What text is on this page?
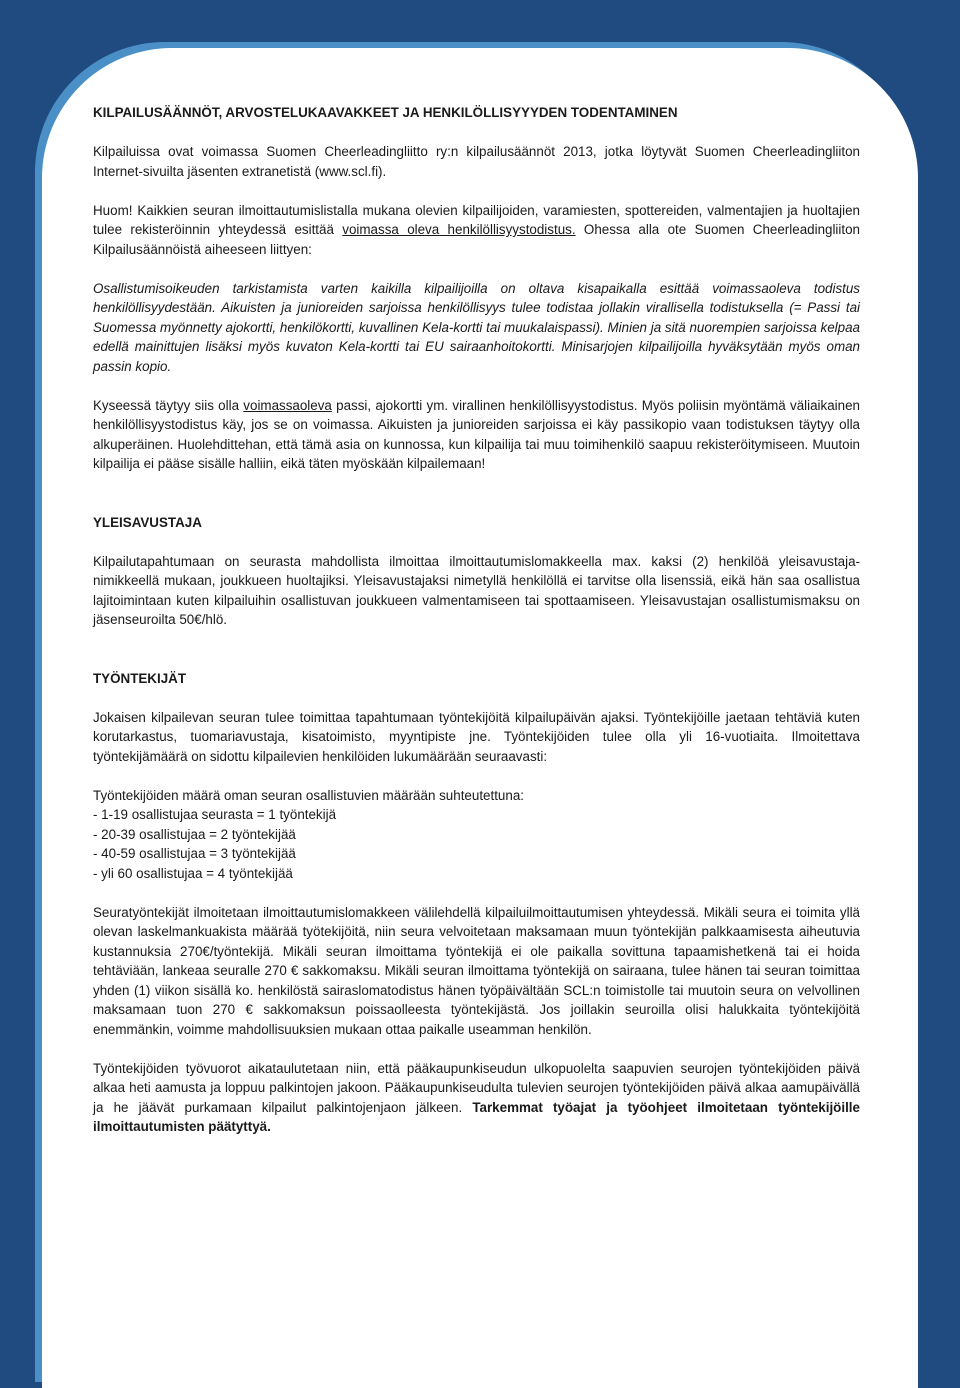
KILPAILUSÄÄNNÖT, ARVOSTELUKAAVAKKEET JA HENKILÖLLISYYYDEN TODENTAMINEN

Kilpailuissa ovat voimassa Suomen Cheerleadingliitto ry:n kilpailusäännöt 2013, jotka löytyvät Suomen Cheerleadingliiton Internet-sivuilta jäsenten extranetistä (www.scl.fi).

Huom! Kaikkien seuran ilmoittautumislistalla mukana olevien kilpailijoiden, varamiesten, spottereiden, valmentajien ja huoltajien tulee rekisteröinnin yhteydessä esittää voimassa oleva henkilöllisyystodistus. Ohessa alla ote Suomen Cheerleadingliiton Kilpailusäännöistä aiheeseen liittyen:

Osallistumisoikeuden tarkistamista varten kaikilla kilpailijoilla on oltava kisapaikalla esittää voimassaoleva todistus henkilöllisyydestään. Aikuisten ja junioreiden sarjoissa henkilöllisyys tulee todistaa jollakin virallisella todistuksella (= Passi tai Suomessa myönnetty ajokortti, henkilökortti, kuvallinen Kela-kortti tai muukalaispassi). Minien ja sitä nuorempien sarjoissa kelpaa edellä mainittujen lisäksi myös kuvaton Kela-kortti tai EU sairaanhoitokortti. Minisarjojen kilpailijoilla hyväksytään myös oman passin kopio.

Kyseessä täytyy siis olla voimassaoleva passi, ajokortti ym. virallinen henkilöllisyystodistus. Myös poliisin myöntämä väliaikainen henkilöllisyystodistus käy, jos se on voimassa. Aikuisten ja junioreiden sarjoissa ei käy passikopio vaan todistuksen täytyy olla alkuperäinen. Huolehdittehan, että tämä asia on kunnossa, kun kilpailija tai muu toimihenkilö saapuu rekisteröitymiseen. Muutoin kilpailija ei pääse sisälle halliin, eikä täten myöskään kilpailemaan!

YLEISAVUSTAJA

Kilpailutapahtumaan on seurasta mahdollista ilmoittaa ilmoittautumislomakkeella max. kaksi (2) henkilöä yleisavustaja-nimikkeellä mukaan, joukkueen huoltajiksi. Yleisavustajaksi nimetyllä henkilöllä ei tarvitse olla lisenssiä, eikä hän saa osallistua lajitoimintaan kuten kilpailuihin osallistuvan joukkueen valmentamiseen tai spottaamiseen. Yleisavustajan osallistumismaksu on jäsenseuroilta 50€/hlö.

TYÖNTEKIJÄT

Jokaisen kilpailevan seuran tulee toimittaa tapahtumaan työntekijöitä kilpailupäivän ajaksi. Työntekijöille jaetaan tehtäviä kuten korutarkastus, tuomariavustaja, kisatoimisto, myyntipiste jne. Työntekijöiden tulee olla yli 16-vuotiaita. Ilmoitettava työntekijämäärä on sidottu kilpailevien henkilöiden lukumäärään seuraavasti:

Työntekijöiden määrä oman seuran osallistuvien määrään suhteutettuna:

- 1-19 osallistujaa seurasta = 1 työntekijä
- 20-39 osallistujaa = 2 työntekijää
- 40-59 osallistujaa = 3 työntekijää
- yli 60 osallistujaa = 4 työntekijää

Seuratyöntekijät ilmoitetaan ilmoittautumislomakkeen välilehdellä kilpailuilmoittautumisen yhteydessä. Mikäli seura ei toimita yllä olevan laskelmankuakista määrää työtekijöitä, niin seura velvoitetaan maksamaan muun työntekijän palkkaamisesta aiheutuvia kustannuksia 270€/työntekijä. Mikäli seuran ilmoittama työntekijä ei ole paikalla sovittuna tapaamishetkenä tai ei hoida tehtäviään, lankeaa seuralle 270 € sakkomaksu. Mikäli seuran ilmoittama työntekijä on sairaana, tulee hänen tai seuran toimittaa yhden (1) viikon sisällä ko. henkilöstä sairaslomatodistus hänen työpäivältään SCL:n toimistolle tai muutoin seura on velvollinen maksamaan tuon 270 € sakkomaksun poissaolleesta työntekijästä. Jos joillakin seuroilla olisi halukkaita työntekijöitä enemmänkin, voimme mahdollisuuksien mukaan ottaa paikalle useamman henkilön.

Työntekijöiden työvuorot aikataulutetaan niin, että pääkaupunkiseudun ulkopuolelta saapuvien seurojen työntekijöiden päivä alkaa heti aamusta ja loppuu palkintojen jakoon. Pääkaupunkiseudulta tulevien seurojen työntekijöiden päivä alkaa aamupäivällä ja he jäävät purkamaan kilpailut palkintojenjaon jälkeen. Tarkemmat työajat ja työohjeet ilmoitetaan työntekijöille ilmoittautumisten päätyttyä.
